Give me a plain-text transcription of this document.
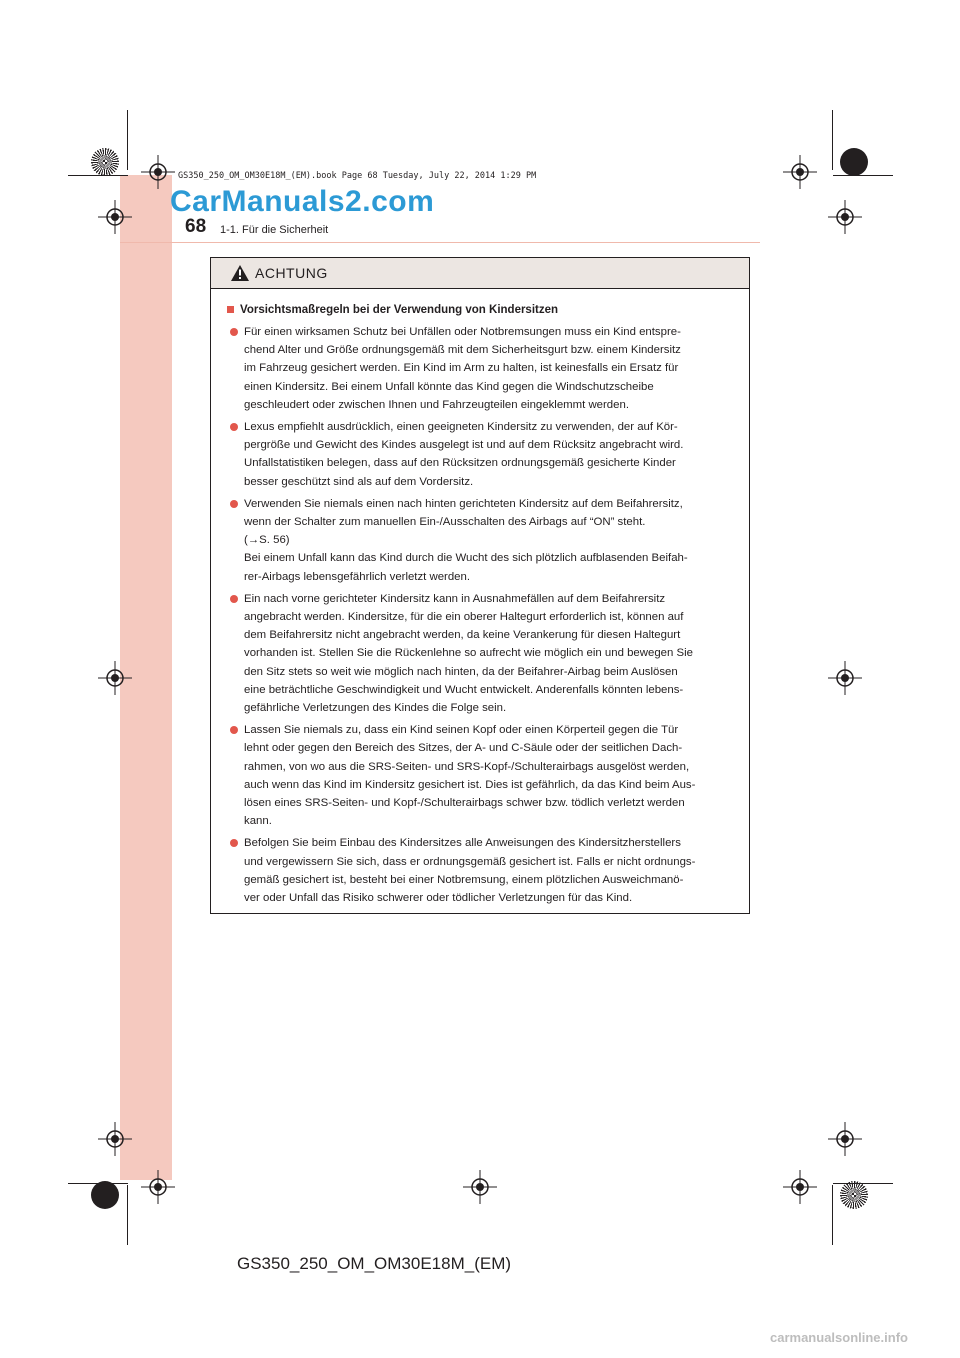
GS350_250_OM_OM30E18M_(EM).book Page 68 Tuesday, July 22, 2014 1:29 PM
CarManuals2.com
68 1-1. Für die Sicherheit
ACHTUNG
Vorsichtsmaßregeln bei der Verwendung von Kindersitzen
Für einen wirksamen Schutz bei Unfällen oder Notbremsungen muss ein Kind entspre-
chend Alter und Größe ordnungsgemäß mit dem Sicherheitsgurt bzw. einem Kindersitz
im Fahrzeug gesichert werden. Ein Kind im Arm zu halten, ist keinesfalls ein Ersatz für
einen Kindersitz. Bei einem Unfall könnte das Kind gegen die Windschutzscheibe
geschleudert oder zwischen Ihnen und Fahrzeugteilen eingeklemmt werden.
Lexus empfiehlt ausdrücklich, einen geeigneten Kindersitz zu verwenden, der auf Kör-
pergröße und Gewicht des Kindes ausgelegt ist und auf dem Rücksitz angebracht wird.
Unfallstatistiken belegen, dass auf den Rücksitzen ordnungsgemäß gesicherte Kinder
besser geschützt sind als auf dem Vordersitz.
Verwenden Sie niemals einen nach hinten gerichteten Kindersitz auf dem Beifahrersitz,
wenn der Schalter zum manuellen Ein-/Ausschalten des Airbags auf “ON” steht.
(→S. 56)
Bei einem Unfall kann das Kind durch die Wucht des sich plötzlich aufblasenden Beifah-
rer-Airbags lebensgefährlich verletzt werden.
Ein nach vorne gerichteter Kindersitz kann in Ausnahmefällen auf dem Beifahrersitz
angebracht werden. Kindersitze, für die ein oberer Haltegurt erforderlich ist, können auf
dem Beifahrersitz nicht angebracht werden, da keine Verankerung für diesen Haltegurt
vorhanden ist. Stellen Sie die Rückenlehne so aufrecht wie möglich ein und bewegen Sie
den Sitz stets so weit wie möglich nach hinten, da der Beifahrer-Airbag beim Auslösen
eine beträchtliche Geschwindigkeit und Wucht entwickelt. Anderenfalls könnten lebens-
gefährliche Verletzungen des Kindes die Folge sein.
Lassen Sie niemals zu, dass ein Kind seinen Kopf oder einen Körperteil gegen die Tür
lehnt oder gegen den Bereich des Sitzes, der A- und C-Säule oder der seitlichen Dach-
rahmen, von wo aus die SRS-Seiten- und SRS-Kopf-/Schulterairbags ausgelöst werden,
auch wenn das Kind im Kindersitz gesichert ist. Dies ist gefährlich, da das Kind beim Aus-
lösen eines SRS-Seiten- und Kopf-/Schulterairbags schwer bzw. tödlich verletzt werden
kann.
Befolgen Sie beim Einbau des Kindersitzes alle Anweisungen des Kindersitzherstellers
und vergewissern Sie sich, dass er ordnungsgemäß gesichert ist. Falls er nicht ordnungs-
gemäß gesichert ist, besteht bei einer Notbremsung, einem plötzlichen Ausweichmanö-
ver oder Unfall das Risiko schwerer oder tödlicher Verletzungen für das Kind.
GS350_250_OM_OM30E18M_(EM)
carmanualsonline.info
